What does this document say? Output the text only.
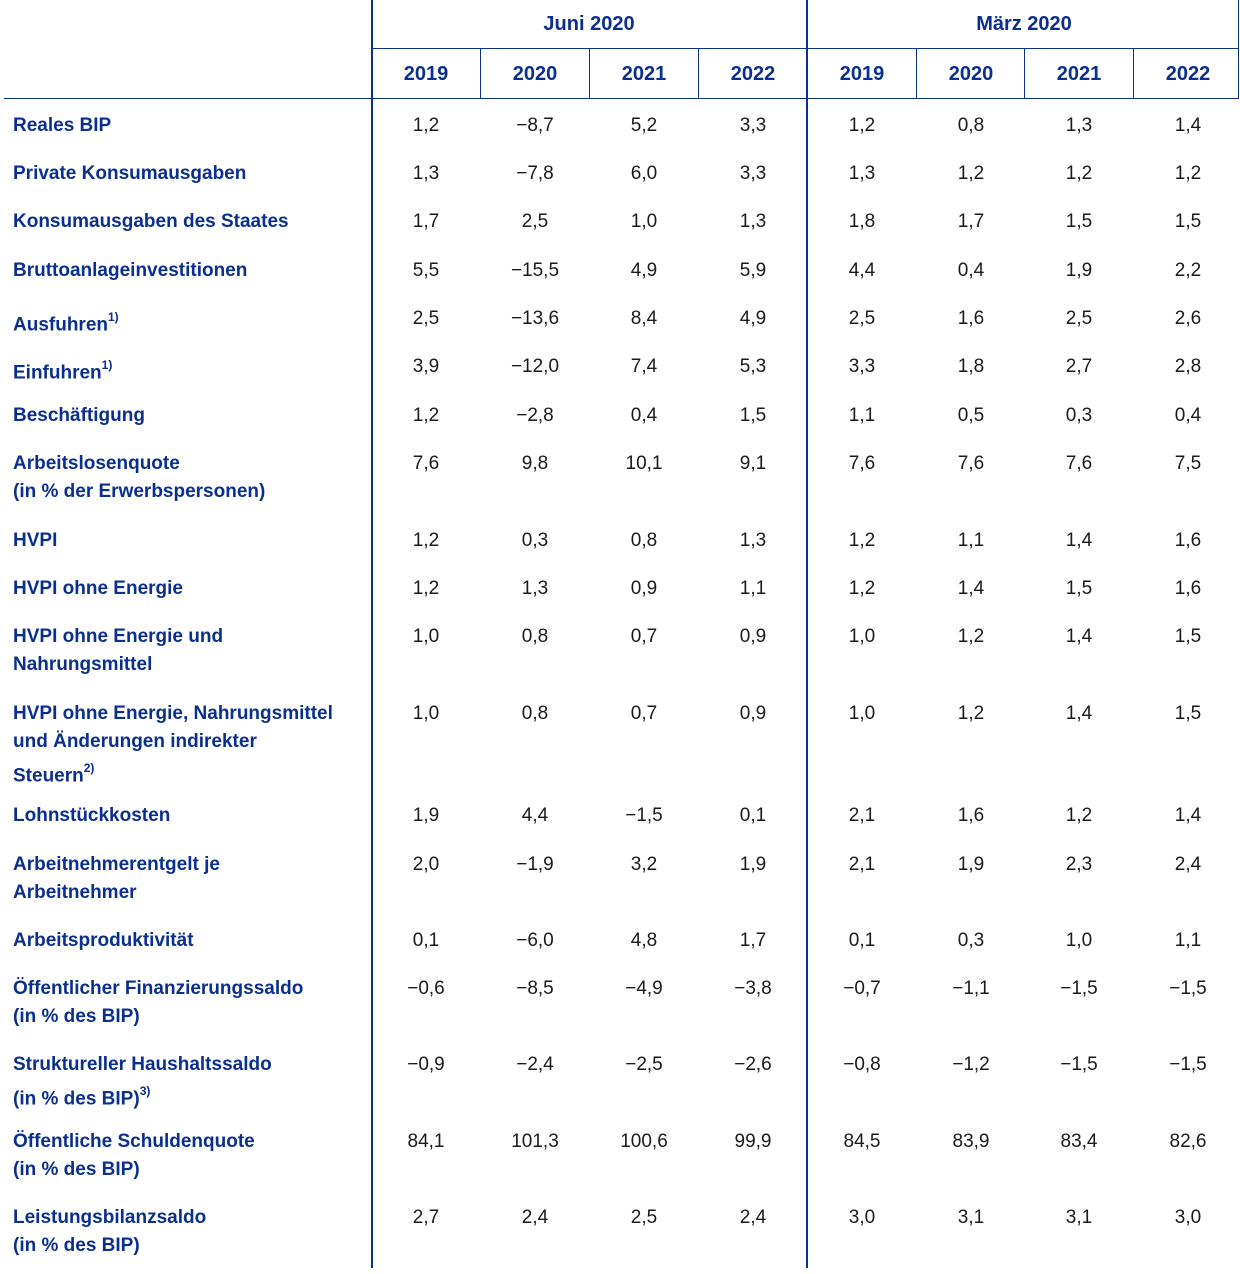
Juni 2020	März 2020
2019	2020	2021	2022	2019	2020	2021	2022
Reales BIP	1,2	−8,7	5,2	3,3	1,2	0,8	1,3	1,4
Private Konsumausgaben	1,3	−7,8	6,0	3,3	1,3	1,2	1,2	1,2
Konsumausgaben des Staates	1,7	2,5	1,0	1,3	1,8	1,7	1,5	1,5
Bruttoanlageinvestitionen	5,5	−15,5	4,9	5,9	4,4	0,4	1,9	2,2
Ausfuhren$^{1)}$	2,5	−13,6	8,4	4,9	2,5	1,6	2,5	2,6
Einfuhren$^{1)}$	3,9	−12,0	7,4	5,3	3,3	1,8	2,7	2,8
Beschäftigung	1,2	−2,8	0,4	1,5	1,1	0,5	0,3	0,4
Arbeitslosenquote
(in % der Erwerbspersonen)
7,6	9,8	10,1	9,1	7,6	7,6	7,6	7,5
HVPI	1,2	0,3	0,8	1,3	1,2	1,1	1,4	1,6
HVPI ohne Energie	1,2	1,3	0,9	1,1	1,2	1,4	1,5	1,6
HVPI ohne Energie und
Nahrungsmittel
1,0	0,8	0,7	0,9	1,0	1,2	1,4	1,5
HVPI ohne Energie, Nahrungsmittel
und Änderungen indirekter
Steuern$^{2)}$
1,0	0,8	0,7	0,9	1,0	1,2	1,4	1,5
Lohnstückkosten	1,9	4,4	−1,5	0,1	2,1	1,6	1,2	1,4
Arbeitnehmerentgelt je
Arbeitnehmer
2,0	−1,9	3,2	1,9	2,1	1,9	2,3	2,4
Arbeitsproduktivität	0,1	−6,0	4,8	1,7	0,1	0,3	1,0	1,1
Öffentlicher Finanzierungssaldo
(in % des BIP)
−0,6	−8,5	−4,9	−3,8	−0,7	−1,1	−1,5	−1,5
Struktureller Haushaltssaldo
(in % des BIP)$^{3)}$
−0,9	−2,4	−2,5	−2,6	−0,8	−1,2	−1,5	−1,5
Öffentliche Schuldenquote
(in % des BIP)
84,1	101,3	100,6	99,9	84,5	83,9	83,4	82,6
Leistungsbilanzsaldo
(in % des BIP)
2,7	2,4	2,5	2,4	3,0	3,1	3,1	3,0
